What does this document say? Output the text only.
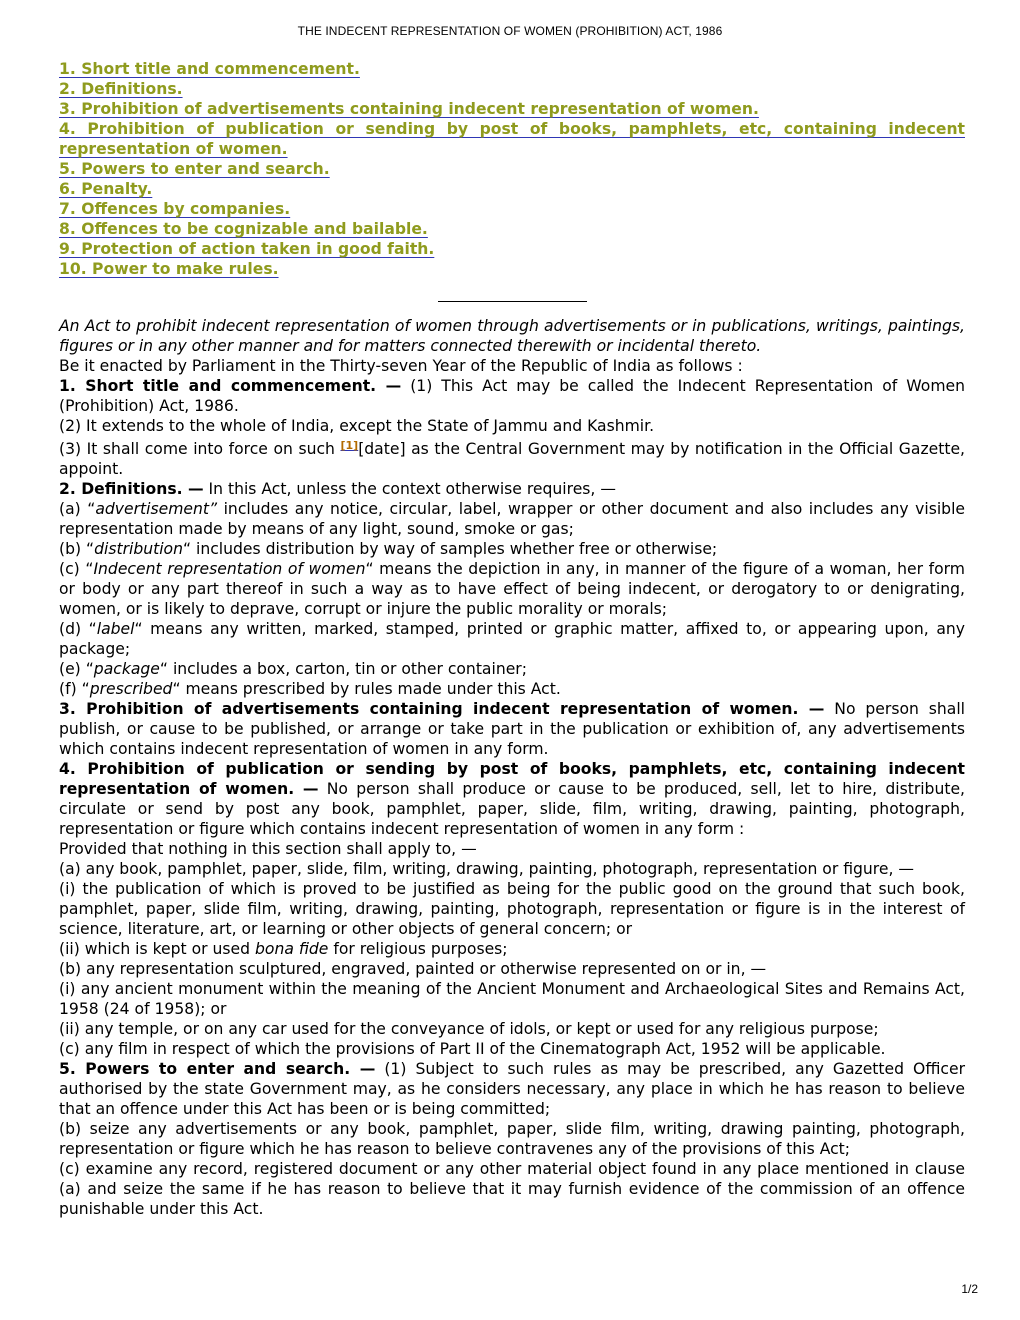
THE INDECENT REPRESENTATION OF WOMEN (PROHIBITION) ACT, 1986
1. Short title and commencement.
2. Definitions.
3. Prohibition of advertisements containing indecent representation of women.
4. Prohibition of publication or sending by post of books, pamphlets, etc, containing indecent representation of women.
5. Powers to enter and search.
6. Penalty.
7. Offences by companies.
8. Offences to be cognizable and bailable.
9. Protection of action taken in good faith.
10. Power to make rules.

An Act to prohibit indecent representation of women through advertisements or in publications, writings, paintings, figures or in any other manner and for matters connected therewith or incidental thereto.

Be it enacted by Parliament in the Thirty-seven Year of the Republic of India as follows :

1. Short title and commencement. — (1) This Act may be called the Indecent Representation of Women (Prohibition) Act, 1986.

(2) It extends to the whole of India, except the State of Jammu and Kashmir.

(3) It shall come into force on such [1][date] as the Central Government may by notification in the Official Gazette, appoint.

2. Definitions. — In this Act, unless the context otherwise requires, —

(a) “advertisement” includes any notice, circular, label, wrapper or other document and also includes any visible representation made by means of any light, sound, smoke or gas;

(b) “distribution“ includes distribution by way of samples whether free or otherwise;

(c) “Indecent representation of women“ means the depiction in any, in manner of the figure of a woman, her form or body or any part thereof in such a way as to have effect of being indecent, or derogatory to or denigrating, women, or is likely to deprave, corrupt or injure the public morality or morals;

(d) “label“ means any written, marked, stamped, printed or graphic matter, affixed to, or appearing upon, any package;

(e) “package“ includes a box, carton, tin or other container;

(f) “prescribed“ means prescribed by rules made under this Act.

3. Prohibition of advertisements containing indecent representation of women. — No person shall publish, or cause to be published, or arrange or take part in the publication or exhibition of, any advertisements which contains indecent representation of women in any form.

4. Prohibition of publication or sending by post of books, pamphlets, etc, containing indecent representation of women. — No person shall produce or cause to be produced, sell, let to hire, distribute, circulate or send by post any book, pamphlet, paper, slide, film, writing, drawing, painting, photograph, representation or figure which contains indecent representation of women in any form :

Provided that nothing in this section shall apply to, —

(a) any book, pamphlet, paper, slide, film, writing, drawing, painting, photograph, representation or figure, —

(i) the publication of which is proved to be justified as being for the public good on the ground that such book, pamphlet, paper, slide film, writing, drawing, painting, photograph, representation or figure is in the interest of science, literature, art, or learning or other objects of general concern; or

(ii) which is kept or used bona fide for religious purposes;

(b) any representation sculptured, engraved, painted or otherwise represented on or in, —

(i) any ancient monument within the meaning of the Ancient Monument and Archaeological Sites and Remains Act, 1958 (24 of 1958); or

(ii) any temple, or on any car used for the conveyance of idols, or kept or used for any religious purpose;

(c) any film in respect of which the provisions of Part II of the Cinematograph Act, 1952 will be applicable.

5. Powers to enter and search. — (1) Subject to such rules as may be prescribed, any Gazetted Officer authorised by the state Government may, as he considers necessary, any place in which he has reason to believe that an offence under this Act has been or is being committed;

(b) seize any advertisements or any book, pamphlet, paper, slide film, writing, drawing painting, photograph, representation or figure which he has reason to believe contravenes any of the provisions of this Act;

(c) examine any record, registered document or any other material object found in any place mentioned in clause (a) and seize the same if he has reason to believe that it may furnish evidence of the commission of an offence punishable under this Act.

1/2
